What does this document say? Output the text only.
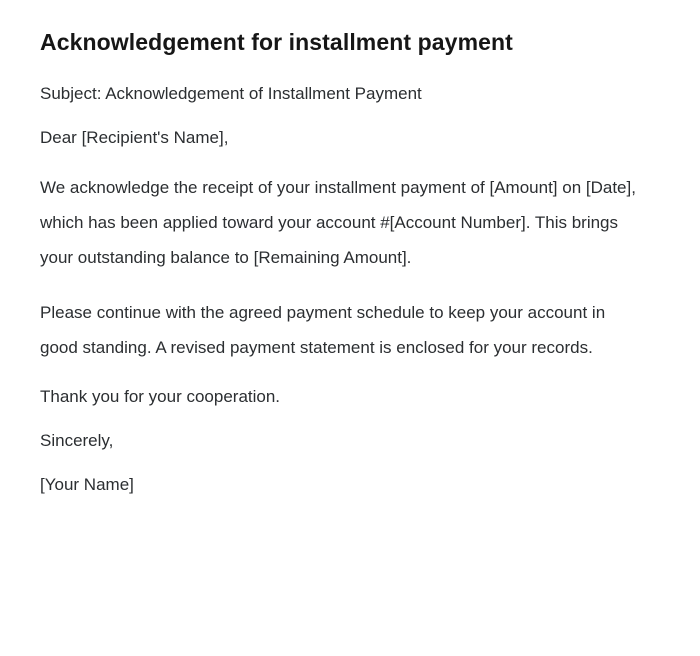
Acknowledgement for installment payment

Subject: Acknowledgement of Installment Payment

Dear [Recipient's Name],

We acknowledge the receipt of your installment payment of [Amount] on [Date], which has been applied toward your account #[Account Number]. This brings your outstanding balance to [Remaining Amount].

Please continue with the agreed payment schedule to keep your account in good standing. A revised payment statement is enclosed for your records.

Thank you for your cooperation.

Sincerely,

[Your Name]
